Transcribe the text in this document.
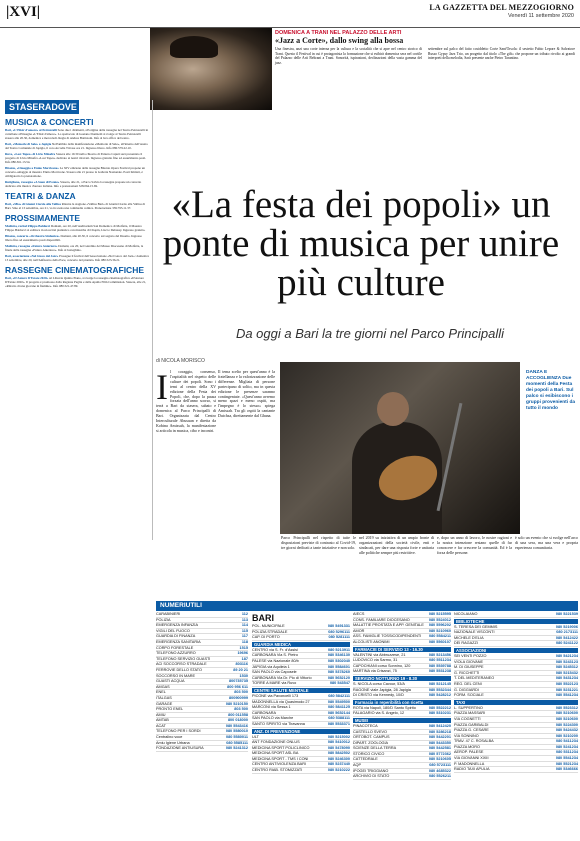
|XVI|	LA GAZZETTA DEL MEZZOGIORNO
Venerdì 11 settembre 2020
DOMENICA A TRANI NEL PALAZZO DELLE ARTI
«Jazz a Corte», dallo swing alla bossa

Una finestra, anzi una corte interna per la cultura e la socialità che si apre nel centro storico di Trani. Questo il Festival in cui è protagonista la formazione che si esibirà domenica sera nel cortile del Palazzo delle Arti Beltrani a Trani. Sonorità, ispirazioni, declinazioni della vasta gamma del jazz.

settembre sul palco del fatto cosiddetto Corte Sant'Orsola: il sestetto Fabio Lepore & Salvatore Russo Gypsy Jazz Trio, un progetto dal titolo «The gift» che propone un tributo rivolto ai grandi interpreti della melodia, Sarà presente anche Pietro Tarantino.

STASERADOVE
MUSICA & CONCERTI
Bari, «L'Elisir d'amore» al Petruzzelli Sono due i dirimenti, all'origine della rassegna nel Teatro Petruzzelli in cartellone all'insegna «L'Elisir d'amore». Lo spettacolo di Gaetano Donizetti si svolge al Teatro Petruzzelli stasera alle 20.30, domenica e mercoledì. Regia di Andrea Battistoni. Info al box office del teatro.
Bari, «Memorie di Sale» a Japigia Nell'ambito della manifestazione «Memorie di Sale», all'interno dell'Arena del Teatro Comunale di Japigia, il coro Arcadia Tricase ore 21. Ingresso libero. Info 080.579.22.10.
Ruvo, «Lost Tapes» di Livio Minafra Stasera alle 19.30 nella chiostro di Palazzo Caputi sarà presentato il progetto di Livio Minafra «Lost Tapes» dedicato ai nastri ritrovati. Ingresso gratuito fino ad esaurimento posti. Info 080.361.13.54.
Bitonto, «Omaggio a Ennio Morricone» La XIV edizione della rassegna Bitonto Opera Festival propone un concerto-omaggio al maestro Ennio Morricone. Stasera alle 21 presso la Galleria Nazionale. Posti limitati, è obbligatoria la prenotazione.
Rutigliano, rassegna «A Suon di Estate» Stasera, alle 21, a Parco Salvia la rassegna propone un concerto dedicato alla musica d'autore italiana. Info e prenotazioni 328.064.15.69.
TEATRI & DANZA
Bari, «Mia» di Gianni Ciardo alla Vallisa Ritorna la stagione «Vallisa Bari» di Gianni Ciardo alla Vallisa di Bari. Sino al 13 settembre, ore 21, va in scena una commedia comica. Prenotazione 339.795.11.37.
PROSSIMAMENTE
Molfetta, recital Filippo Balducci Domani, ore 20, nell'Auditorium San Domenico di Molfetta, il Maestro Filippo Balducci si esibisce in un recital pianistico con musiche di Chopin, Liszt e Debussy. Ingresso gratuito.
Bitonto, concerto «Orchestra Sinfonica» Domani, alle 20.30, il concerto sul sagrato del Duomo. Ingresso libero fino ad esaurimento posti disponibili.
Molfetta, rassegna «Futuro Anteriore» Domani, ore 20, nel Giardino del Museo Diocesano di Molfetta, la finale della rassegna «Futuro Anteriore». Info al botteghino.
Bari, associazione «Nel Gioco del Jazz» Prosegue il festival dell'Associazione «Nel Gioco del Jazz»: domenica 13 settembre, alle 20, nell'Anfiteatro della Pace, concerto del pianista. Info 080.523.36.21.
RASSEGNE CINEMATOGRAFICHE
Bari, «D'Autore D'Estate 2020» Al Libreria Quinto Piano, si svolge la rassegna cinematografica «D'Autore D'Estate 2020». Il progetto è promosso dalla Regione Puglia e dalla Apulia Film Commission. Stasera, alle 21, «Ritratto di una giovane in fiamme». Info 080.521.47.89.
«La festa dei popoli» un ponte di musica per unire più culture
Da oggi a Bari la tre giorni nel Parco Principalli
di NICOLA MORISCO
I l coraggio, consenso, l'ospitalità nel rispetto delle culture dei popoli. Sono i temi al centro della XV edizione della Festa dei Popoli, che, dopo la pausa forzata dell'anno scorso, si terrà a Bari da stasera, sabato e domenica al Parco Principalli di Bari. Organizzata dal Centro Interculturale Abusuan e diretta da Kobina Amissah, la manifestazione si articola in musica, cibo e incontri.

Il tema scelto per quest'anno è la fratellanza e la valorizzazione delle differenze. Migliaia di persone partecipano di solito, ma in questa edizione le presenze saranno contingentate. «Quest'anno avremo meno spazi e meno ospiti, ma l'impegno è lo stesso» spiega Amissah. Tra gli ospiti la cantante Dutchsa, direttamente dal Ghana.

DANZA E ACCOGLIENZA Due momenti della Festa dei popoli a Bari. Sul palco si esibiscono i gruppi provenienti da tutto il mondo

Parco Principalli nel rispetto di tutte le disposizioni previste di contrasto al Covid-19, tre giorni dedicati a tante iniziative e non solo.

nel 2019 su iniziativa di un ampio fronte di organizzazioni della società civile, enti e sindacati, per dare una risposta forte e unitaria alle politiche sempre più restrittive.

e, dopo un anno di lavoro, le nostre ragioni e la nostra intenzione restano quelle di far conoscere e far crescere la comunità. Ed è la forza delle persone.

è solo un evento che si svolge nell'arco di una sera, ma una vera e propria esperienza comunitaria.

NUMERIUTILI
CARABINIERI	112
POLIZIA	113
EMERGENZA INFANZIA	114
VIGILI DEL FUOCO	115
GUARDIA DI FINANZA	117
EMERGENZA SANITARIA	118
CORPO FORESTALE	1515
TELEFONO AZZURRO	19696
TELEFONO SERVIZIO GUASTI	187
ACI SOCCORSO STRADALE	803116
FERROVIE DELLO STATO	89 20 21
SOCCORSO IN MARE	1530
GUASTI ACQUA	800735735
AMGAS	800 956 611
ENEL	803 500
ITALGAS	800900999
GARAGE	080 5210150
PRONTO ENEL	803 500
AMIU	800 011558
AMTAB	800 018000
ACAT	080 5543416
TELEFONO PER I SORDI	080 5580010
Centralino voce	080 5580011
Amiu Igiene Urbana	080 5585111
FONDAZIONE ANTIUSURA	080 5241312
BARI
POL. MUNICIPALE	080 5491331
POLIZIA STRADALE	080 5296111
CAP. DI PORTO	080 5281111
GUARDIA MEDICA
CENTRO via S. Fr. d'Assisi	080 5213911
CARBONARA Via S. Pietro	080 5346130
PALESE via Nazionale 80/b	080 5302040
JAPIGIA via Aquileia 1	080 5584601
SAN PAOLO via Caposele	080 5378260
CARBONARA Via Dr. Pio di Vittorio	080 5652120
TORRE A MARE via Ruvo	080 543547
CENTRI SALUTE MENTALE
PICONE via Pavoncelli 173	080 5842111
MADONNELLA via Quasimodo 27	080 5549500
MARCONI via Sessa 1	080 5841125
CARBONARA	080 5652144
SAN PAOLO via Marche	080 5388111
SANTO SPIRITO via Tiravanna	080 5533371
ANZ. DI PREVENZIONE
ULT	080 5215002
ANT FONDAZIONE ONLUS	080 5410012
MEDICINA SPORT POLICLINICO	080 5478090
MEDICINA SPORT ASL BA	080 5842502
MEDICINA SPORT - TMS I CONI	080 5246300
CENTRO ANTIVIOLENZA BARI	080 5237440
CENTRO RIAB. STOMIZZATI	080 5210222
AIECS	080 5215595
CONS. FAMILIARE DIOCESANO	080 5524012
MALATTIE PROSTATA E APP. GENITALE 080 5596202
AMOR	080 5210960
ASS. FAMIGLIE TOSSICODIPENDENTI 080 5584211
ALCOLISTI ANONIMI	080 5560107
FARMACIE DI SERVIZIO 13 - 16.30
VALENTINI via Abbruzzese, 21	080 5213456
LUDOVICO via Sarmo, 31	080 5511234
CAPOCHIANI corso Sonnino, 120	080 5539788
MARTINA via Crisanzi, 75	080 5531238
SERVIZIO NOTTURNO 19 - 8.30
S. NICOLA corso Cavour, 53/A	080 5212145
RAGONE viale Japigia, 28 Japigia	080 5532344
DI CRISTO via Kennedy, 10/D	080 5428212
Farmacia in reperibilità con ricetta
ROTA via Napoli, 180/D Santo Spirito	080 5522212
FALAGARIO via S. Angelo, 12	080 5310231
MUSEI
PINACOTECA	080 5412420
CASTELLO SVEVO	080 5286218
ORTOBOT. CAMPUS	080 5442201
DIPART. ZOOLOGIA	080 5443350
SCIENZE DELLA TERRA	080 5442581
STORICO CIVICO	080 5772362
CATTEDRALE	080 5210605
AQP	080 5723111
IPOGEI TRIGGIANO	080 4685322
ARCHIVIO DI STATO	080 5526211
NICOLAIANO	080 5221539
BIBLIOTECHE
S. TERESA DEI GEMMIS	080 5219006
NAZIONALE VISCONTI	080 2173111
MICHELE D'ELIA	080 5412422
DEI RAGAZZI	080 5241122
ASSOCIAZIONI
SEI VENTI POZZO	080 5421234
VIOLA GIOVANE	080 5243123
M. DI GIUSEPPE	080 5245312
G. RICCHETTI	080 5215432
T. DEL MEDITERANEO	080 5431234
REG. DEL CENI	080 5522123
G. DIGGIARDI	080 5231221
FORM. SOCIALE	080 5541234
TAXI
L. SUPPERTINO	080 5523312
PIAZZA MASSARI	080 5210600
VIA COGNETTI	080 5210600
PIAZZA GARIBALDI	080 5224300
PIAZZA G. CESARE	080 5424432
VIA SONNINO	080 5210200
TRAV. 47 C. ROSALBA	080 5411234
PIAZZA MORO	080 5241234
AEROP. PALESE	080 5311234
VIA GIOVANNI XXIII	080 5541234
P. MADONNELLA	080 5521234
RADIO TAXI APULIA	080 5346666
